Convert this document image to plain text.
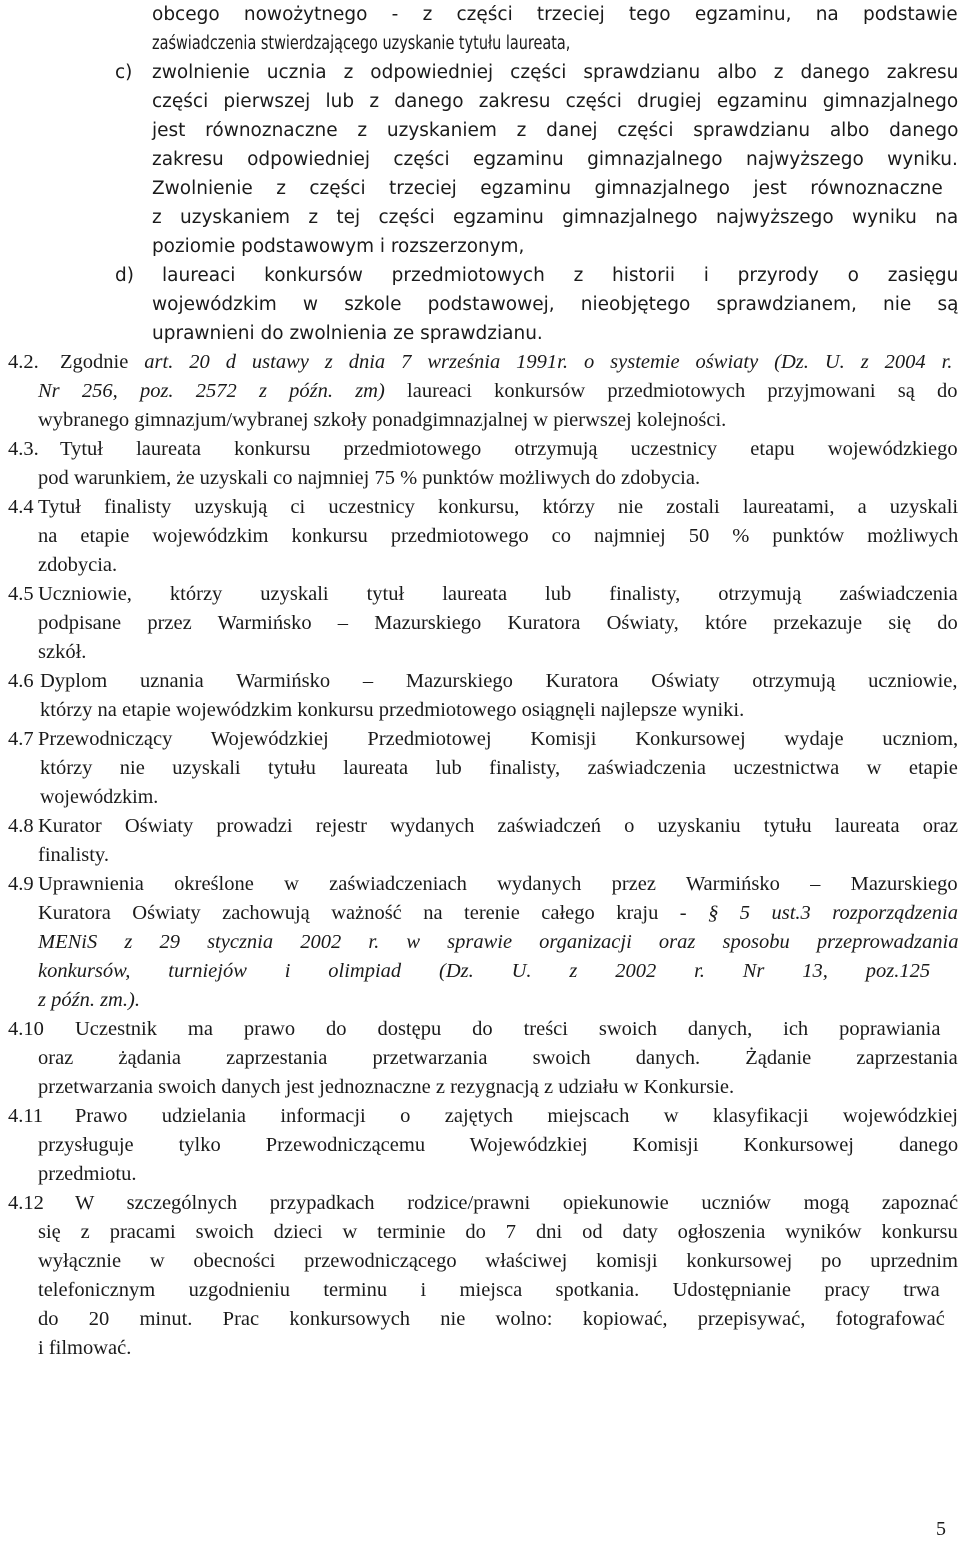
5
obcego nowożytnego - z części trzeciej tego egzaminu, na podstawie
zaświadczenia stwierdzającego uzyskanie tytułu laureata,
c) zwolnienie ucznia z odpowiedniej części sprawdzianu albo z danego zakresu
części pierwszej lub z danego zakresu części drugiej egzaminu gimnazjalnego
jest równoznaczne z uzyskaniem z danej części sprawdzianu albo danego
zakresu odpowiedniej części egzaminu gimnazjalnego najwyższego wyniku.
Zwolnienie z części trzeciej egzaminu gimnazjalnego jest równoznaczne
z uzyskaniem z tej części egzaminu gimnazjalnego najwyższego wyniku na
poziomie podstawowym i rozszerzonym,
d) laureaci konkursów przedmiotowych z historii i przyrody o zasięgu
wojewódzkim w szkole podstawowej, nieobjętego sprawdzianem, nie są
uprawnieni do zwolnienia ze sprawdzianu.
4.2. Zgodnie art. 20 d ustawy z dnia 7 września 1991r. o systemie oświaty (Dz. U. z 2004 r.
Nr 256, poz. 2572 z późn. zm) laureaci konkursów przedmiotowych przyjmowani są do
wybranego gimnazjum/wybranej szkoły ponadgimnazjalnej w pierwszej kolejności.
4.3. Tytuł laureata konkursu przedmiotowego otrzymują uczestnicy etapu wojewódzkiego
pod warunkiem, że uzyskali co najmniej 75 % punktów możliwych do zdobycia.
4.4 Tytuł finalisty uzyskują ci uczestnicy konkursu, którzy nie zostali laureatami, a uzyskali
na etapie wojewódzkim konkursu przedmiotowego co najmniej 50 % punktów możliwych
zdobycia.
4.5 Uczniowie, którzy uzyskali tytuł laureata lub finalisty, otrzymują zaświadczenia
podpisane przez Warmińsko – Mazurskiego Kuratora Oświaty, które przekazuje się do
szkół.
4.6 Dyplom uznania Warmińsko – Mazurskiego Kuratora Oświaty otrzymują uczniowie,
którzy na etapie wojewódzkim konkursu przedmiotowego osiągnęli najlepsze wyniki.
4.7 Przewodniczący Wojewódzkiej Przedmiotowej Komisji Konkursowej wydaje uczniom,
którzy nie uzyskali tytułu laureata lub finalisty, zaświadczenia uczestnictwa w etapie
wojewódzkim.
4.8 Kurator Oświaty prowadzi rejestr wydanych zaświadczeń o uzyskaniu tytułu laureata oraz
finalisty.
4.9 Uprawnienia określone w zaświadczeniach wydanych przez Warmińsko – Mazurskiego
Kuratora Oświaty zachowują ważność na terenie całego kraju - § 5 ust.3 rozporządzenia
MENiS z 29 stycznia 2002 r. w sprawie organizacji oraz sposobu przeprowadzania
konkursów, turniejów i olimpiad (Dz. U. z 2002 r. Nr 13, poz.125
z późn. zm.).
4.10 Uczestnik ma prawo do dostępu do treści swoich danych, ich poprawiania
oraz żądania zaprzestania przetwarzania swoich danych. Żądanie zaprzestania
przetwarzania swoich danych jest jednoznaczne z rezygnacją z udziału w Konkursie.
4.11 Prawo udzielania informacji o zajętych miejscach w klasyfikacji wojewódzkiej
przysługuje tylko Przewodniczącemu Wojewódzkiej Komisji Konkursowej danego
przedmiotu.
4.12 W szczególnych przypadkach rodzice/prawni opiekunowie uczniów mogą zapoznać
się z pracami swoich dzieci w terminie do 7 dni od daty ogłoszenia wyników konkursu
wyłącznie w obecności przewodniczącego właściwej komisji konkursowej po uprzednim
telefonicznym uzgodnieniu terminu i miejsca spotkania. Udostępnianie pracy trwa
do 20 minut. Prac konkursowych nie wolno: kopiować, przepisywać, fotografować
i filmować.
